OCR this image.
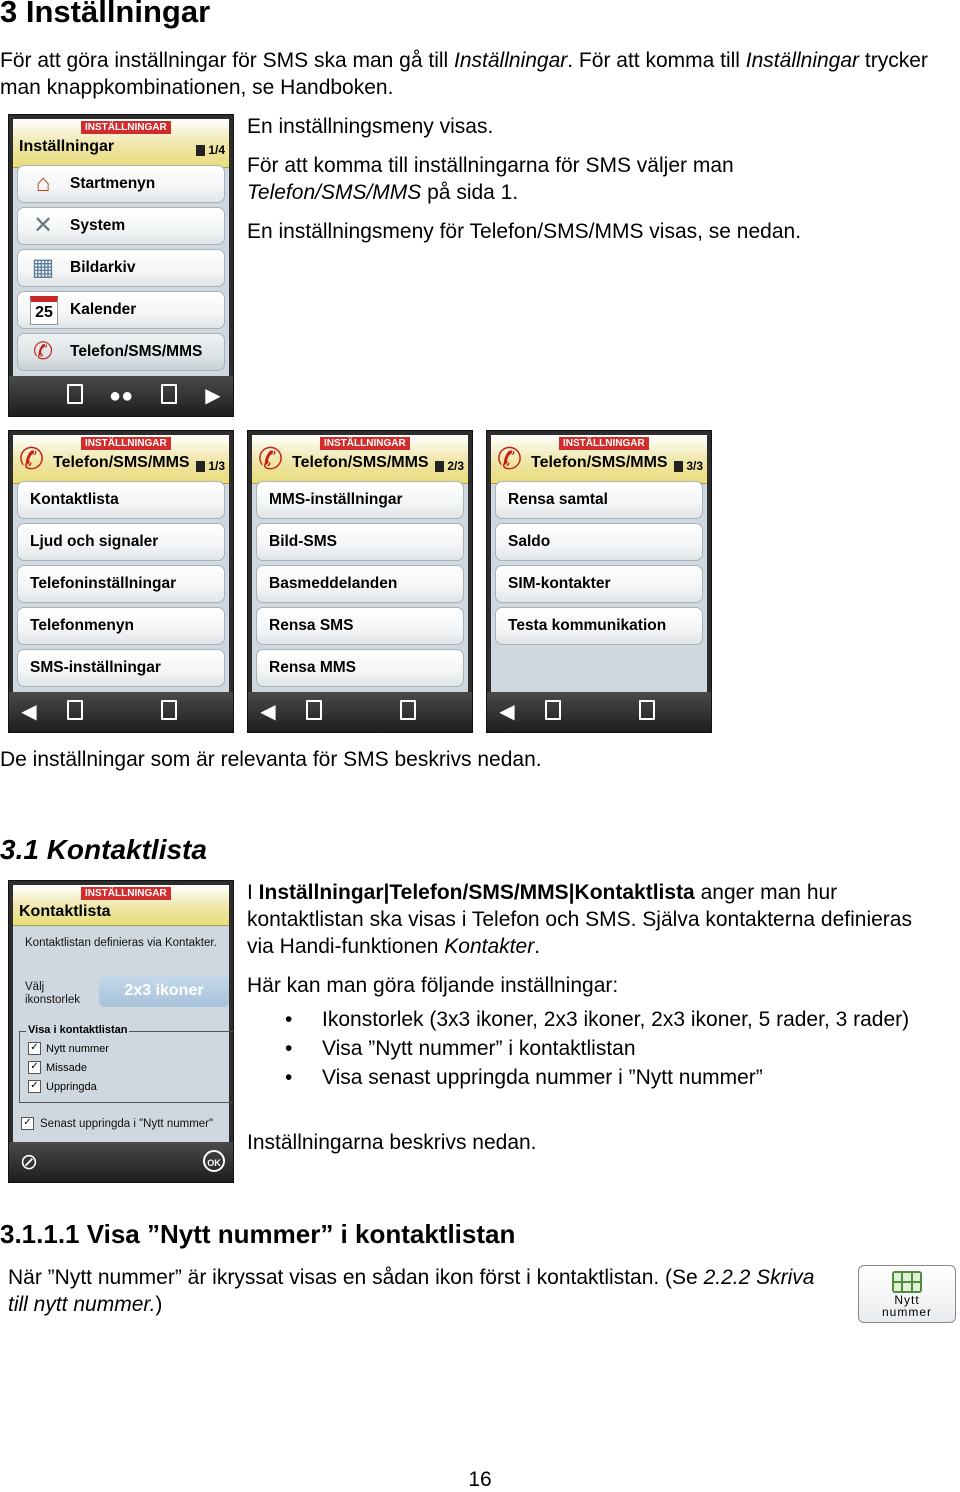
3 Inställningar

För att göra inställningar för SMS ska man gå till Inställningar. För att komma till Inställningar trycker man knappkombinationen, se Handboken.

INSTÄLLNINGAR
Inställningar	1/4
⌂	Startmenyn
✕	System
▦	Bildarkiv
25 Kalender
✆	Telefon/SMS/MMS
●●	▶

En inställningsmeny visas.

För att komma till inställningarna för SMS väljer man
Telefon/SMS/MMS på sida 1.

En inställningsmeny för Telefon/SMS/MMS visas, se nedan.

✆	INSTÄLLNINGAR
Telefon/SMS/MMS 1/3
Kontaktlista
Ljud och signaler
Telefoninställningar
Telefonmenyn
SMS-inställningar
◀
✆	INSTÄLLNINGAR
Telefon/SMS/MMS 2/3
MMS-inställningar
Bild-SMS
Basmeddelanden
Rensa SMS
Rensa MMS
◀
✆	INSTÄLLNINGAR
Telefon/SMS/MMS 3/3
Rensa samtal
Saldo
SIM-kontakter
Testa kommunikation
◀

De inställningar som är relevanta för SMS beskrivs nedan.

3.1 Kontaktlista
INSTÄLLNINGAR
Kontaktlista
Kontaktlistan definieras via Kontakter.
Välj
ikonstorlek
2x3 ikoner
Visa i kontaktlistan
✓ Nytt nummer
✓ Missade
✓ Uppringda
✓ Senast uppringda i "Nytt nummer"
⊘	OK

I Inställningar|Telefon/SMS/MMS|Kontaktlista anger man hur kontaktlistan ska visas i Telefon och SMS. Själva kontakterna definieras via Handi-funktionen Kontakter.

Här kan man göra följande inställningar:

• Ikonstorlek (3x3 ikoner, 2x3 ikoner, 2x3 ikoner, 5 rader, 3 rader)
• Visa ”Nytt nummer” i kontaktlistan
• Visa senast uppringda nummer i ”Nytt nummer”

Inställningarna beskrivs nedan.

3.1.1.1 Visa ”Nytt nummer” i kontaktlistan

När ”Nytt nummer” är ikryssat visas en sådan ikon först i kontaktlistan. (Se 2.2.2 Skriva till nytt nummer.)	Nytt
nummer
16
